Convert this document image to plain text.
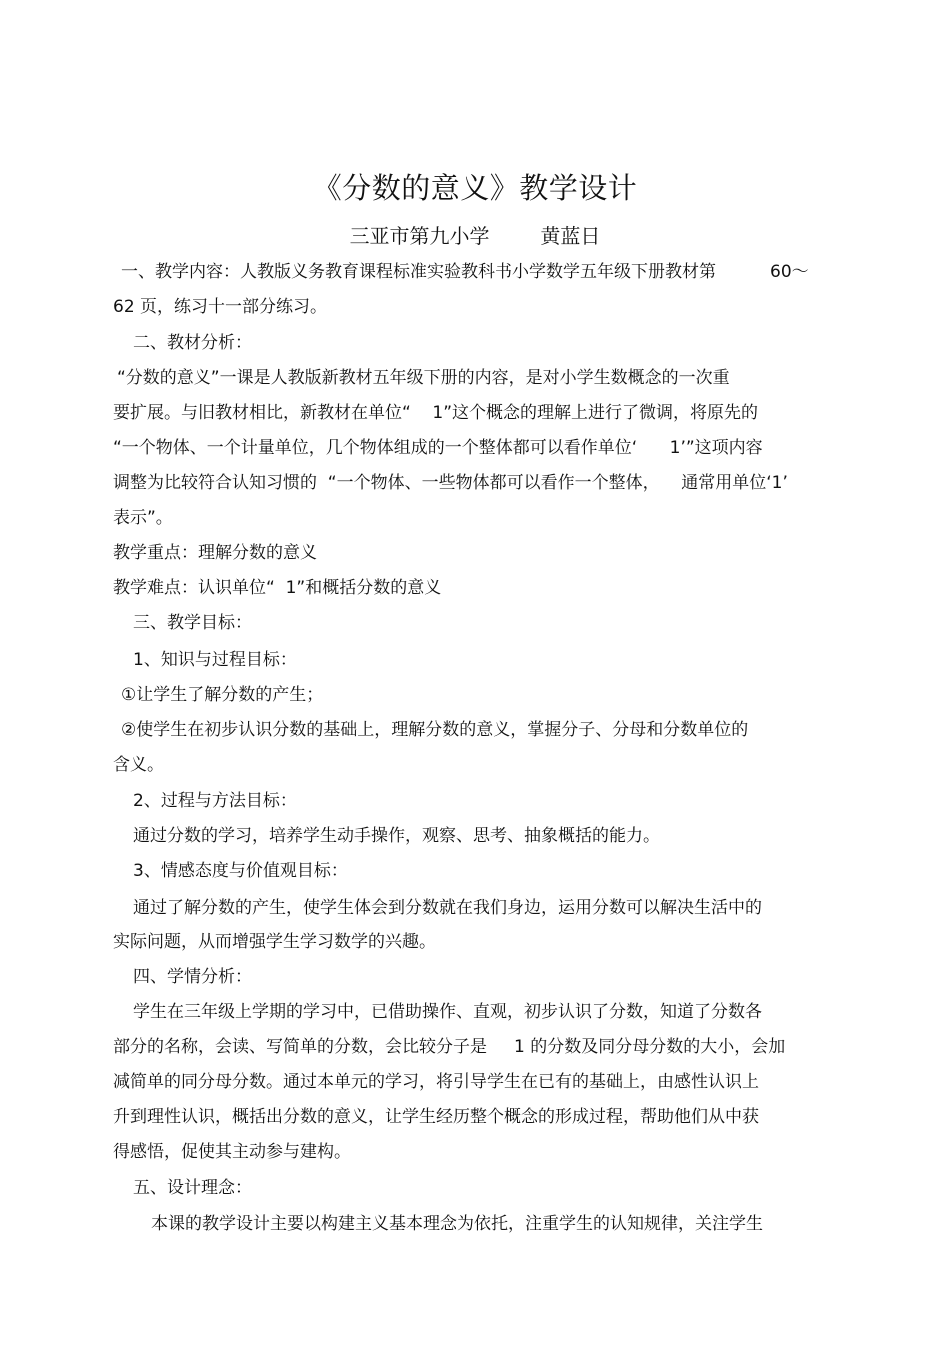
《分数的意义》教学设计
三亚市第九小学        黄蓝日
一、教学内容：人教版义务教育课程标准实验教科书小学数学五年级下册教材第          60～
62 页，练习十一部分练习。
二、教材分析：
“分数的意义”一课是人教版新教材五年级下册的内容，是对小学生数概念的一次重
要扩展。与旧教材相比，新教材在单位“    1”这个概念的理解上进行了微调，将原先的
“一个物体、一个计量单位，几个物体组成的一个整体都可以看作单位‘      1’”这项内容
调整为比较符合认知习惯的  “一个物体、一些物体都可以看作一个整体，    通常用单位‘1’
表示”。
教学重点：理解分数的意义
教学难点：认识单位“  1”和概括分数的意义
三、教学目标：
1、知识与过程目标：
①让学生了解分数的产生；
②使学生在初步认识分数的基础上，理解分数的意义，掌握分子、分母和分数单位的
含义。
2、过程与方法目标：
通过分数的学习，培养学生动手操作，观察、思考、抽象概括的能力。
3、情感态度与价值观目标：
通过了解分数的产生，使学生体会到分数就在我们身边，运用分数可以解决生活中的
实际问题，从而增强学生学习数学的兴趣。
四、学情分析：
学生在三年级上学期的学习中，已借助操作、直观，初步认识了分数，知道了分数各
部分的名称，会读、写简单的分数，会比较分子是     1 的分数及同分母分数的大小，会加
减简单的同分母分数。通过本单元的学习，将引导学生在已有的基础上，由感性认识上
升到理性认识，概括出分数的意义，让学生经历整个概念的形成过程，帮助他们从中获
得感悟，促使其主动参与建构。
五、设计理念：
本课的教学设计主要以构建主义基本理念为依托，注重学生的认知规律，关注学生
